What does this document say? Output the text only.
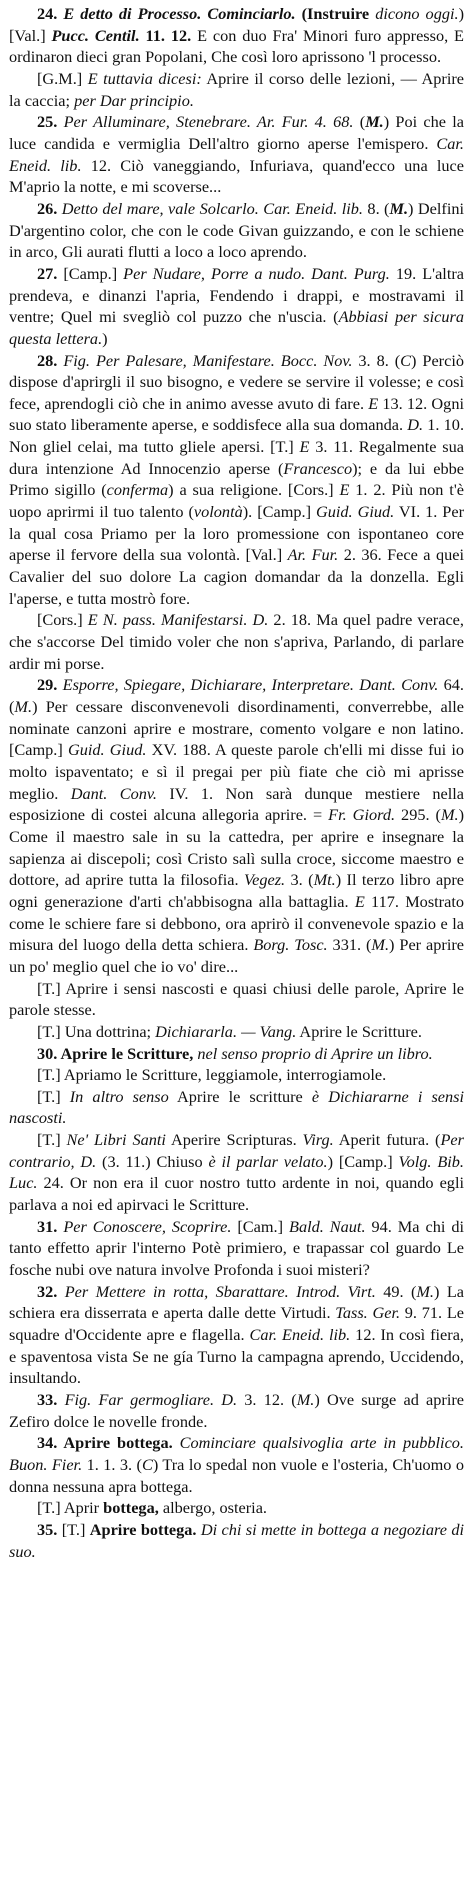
24. E detto di Processo. Cominciarlo. (Instruire dicono oggi.) [Val.] Pucc. Centil. 11. 12. E con duo Fra' Minori furo appresso, E ordinaron dieci gran Popolani, Che così loro aprissono 'l processo.

[G.M.] E tuttavia dicesi: Aprire il corso delle lezioni, — Aprire la caccia; per Dar principio.

25. Per Alluminare, Stenebrare. Ar. Fur. 4. 68. (M.) Poi che la luce candida e vermiglia Dell'altro giorno aperse l'emispero. Car. Eneid. lib. 12. Ciò vaneggiando, Infuriava, quand'ecco una luce M'aprio la notte, e mi scoverse...

26. Detto del mare, vale Solcarlo. Car. Eneid. lib. 8. (M.) Delfini D'argentino color, che con le code Givan guizzando, e con le schiene in arco, Gli aurati flutti a loco a loco aprendo.

27. [Camp.] Per Nudare, Porre a nudo. Dant. Purg. 19. L'altra prendeva, e dinanzi l'apria, Fendendo i drappi, e mostravami il ventre; Quel mi svegliò col puzzo che n'uscia. (Abbiasi per sicura questa lettera.)

28. Fig. Per Palesare, Manifestare. Bocc. Nov. 3. 8. (C) Perciò dispose d'aprirgli il suo bisogno, e vedere se servire il volesse; e così fece, aprendogli ciò che in animo avesse avuto di fare. E 13. 12. Ogni suo stato liberamente aperse, e soddisfece alla sua domanda. D. 1. 10. Non gliel celai, ma tutto gliele apersi. [T.] E 3. 11. Regalmente sua dura intenzione Ad Innocenzio aperse (Francesco); e da lui ebbe Primo sigillo (conferma) a sua religione. [Cors.] E 1. 2. Più non t'è uopo aprirmi il tuo talento (volontà). [Camp.] Guid. Giud. VI. 1. Per la qual cosa Priamo per la loro promessione con ispontaneo core aperse il fervore della sua volontà. [Val.] Ar. Fur. 2. 36. Fece a quei Cavalier del suo dolore La cagion domandar da la donzella. Egli l'aperse, e tutta mostrò fore.

[Cors.] E N. pass. Manifestarsi. D. 2. 18. Ma quel padre verace, che s'accorse Del timido voler che non s'apriva, Parlando, di parlare ardir mi porse.

29. Esporre, Spiegare, Dichiarare, Interpretare. Dant. Conv. 64. (M.) Per cessare disconvenevoli disordinamenti, converrebbe, alle nominate canzoni aprire e mostrare, comento volgare e non latino. [Camp.] Guid. Giud. XV. 188. A queste parole ch'elli mi disse fui io molto ispaventato; e sì il pregai per più fiate che ciò mi aprisse meglio. Dant. Conv. IV. 1. Non sarà dunque mestiere nella esposizione di costei alcuna allegoria aprire. = Fr. Giord. 295. (M.) Come il maestro sale in su la cattedra, per aprire e insegnare la sapienza ai discepoli; così Cristo salì sulla croce, siccome maestro e dottore, ad aprire tutta la filosofia. Vegez. 3. (Mt.) Il terzo libro apre ogni generazione d'arti ch'abbisogna alla battaglia. E 117. Mostrato come le schiere fare si debbono, ora aprirò il convenevole spazio e la misura del luogo della detta schiera. Borg. Tosc. 331. (M.) Per aprire un po' meglio quel che io vo' dire...

[T.] Aprire i sensi nascosti e quasi chiusi delle parole, Aprire le parole stesse.

[T.] Una dottrina; Dichiararla. — Vang. Aprire le Scritture.

30. Aprire le Scritture, nel senso proprio di Aprire un libro.

[T.] Apriamo le Scritture, leggiamole, interrogiamole.

[T.] In altro senso Aprire le scritture è Dichiararne i sensi nascosti.

[T.] Ne' Libri Santi Aperire Scripturas. Virg. Aperit futura. (Per contrario, D. (3. 11.) Chiuso è il parlar velato.) [Camp.] Volg. Bib. Luc. 24. Or non era il cuor nostro tutto ardente in noi, quando egli parlava a noi ed apirvaci le Scritture.

31. Per Conoscere, Scoprire. [Cam.] Bald. Naut. 94. Ma chi di tanto effetto aprir l'interno Potè primiero, e trapassar col guardo Le fosche nubi ove natura involve Profonda i suoi misteri?

32. Per Mettere in rotta, Sbarattare. Introd. Virt. 49. (M.) La schiera era disserrata e aperta dalle dette Virtudi. Tass. Ger. 9. 71. Le squadre d'Occidente apre e flagella. Car. Eneid. lib. 12. In così fiera, e spaventosa vista Se ne gía Turno la campagna aprendo, Uccidendo, insultando.

33. Fig. Far germogliare. D. 3. 12. (M.) Ove surge ad aprire Zefiro dolce le novelle fronde.

34. Aprire bottega. Cominciare qualsivoglia arte in pubblico. Buon. Fier. 1. 1. 3. (C) Tra lo spedal non vuole e l'osteria, Ch'uomo o donna nessuna apra bottega.

[T.] Aprir bottega, albergo, osteria.

35. [T.] Aprire bottega. Di chi si mette in bottega a negoziare di suo.
